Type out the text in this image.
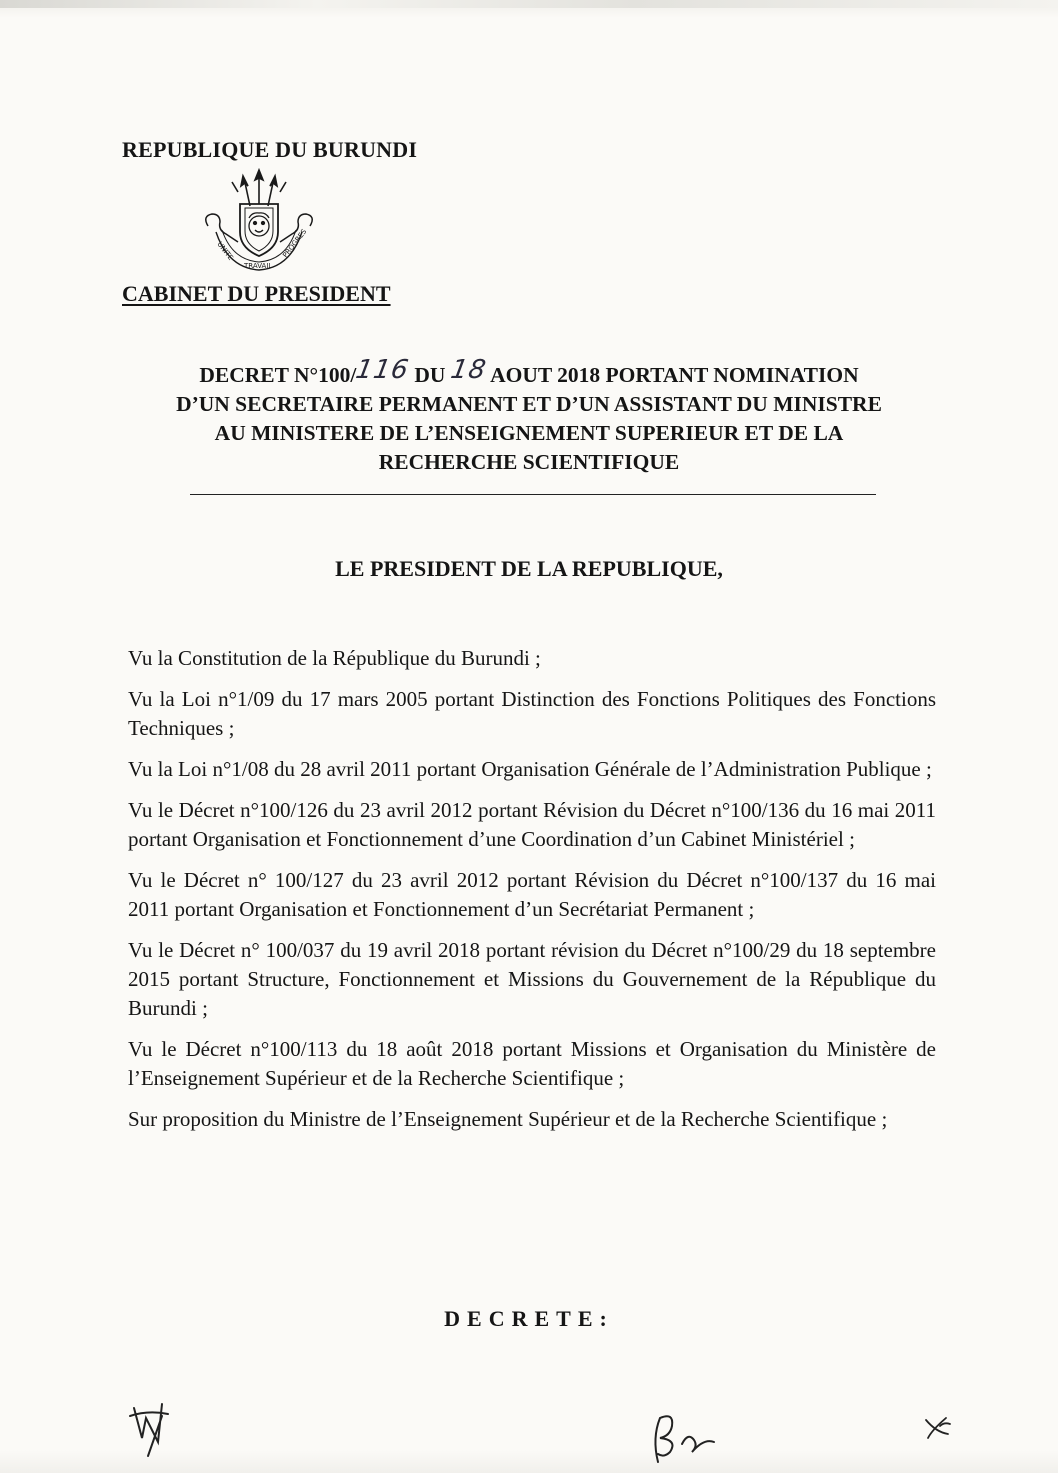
REPUBLIQUE DU BURUNDI
UNITE
TRAVAIL
PROGRES
CABINET DU PRESIDENT
DECRET N°100/116 DU 18 AOUT 2018 PORTANT NOMINATION
D’UN SECRETAIRE PERMANENT ET D’UN ASSISTANT DU MINISTRE
AU MINISTERE DE L’ENSEIGNEMENT SUPERIEUR ET DE LA
RECHERCHE SCIENTIFIQUE
LE PRESIDENT DE LA REPUBLIQUE,

Vu la Constitution de la République du Burundi ;

Vu la Loi n°1/09 du 17 mars 2005 portant Distinction des Fonctions Politiques des Fonctions Techniques ;

Vu la Loi n°1/08 du 28 avril 2011 portant Organisation Générale de l’Administration Publique ;

Vu le Décret n°100/126 du 23 avril 2012 portant Révision du Décret n°100/136 du 16 mai 2011 portant Organisation et Fonctionnement d’une Coordination d’un Cabinet Ministériel ;

Vu le Décret n° 100/127 du 23 avril 2012 portant Révision du Décret n°100/137 du 16 mai 2011 portant Organisation et Fonctionnement d’un Secrétariat Permanent ;

Vu le Décret n° 100/037 du 19 avril 2018 portant révision du Décret n°100/29 du 18 septembre 2015 portant Structure, Fonctionnement et Missions du Gouvernement de la République du Burundi ;

Vu le Décret n°100/113 du 18 août 2018 portant Missions et Organisation du Ministère de l’Enseignement Supérieur et de la Recherche Scientifique ;

Sur proposition du Ministre de l’Enseignement Supérieur et de la Recherche Scientifique ;

DECRETE:
